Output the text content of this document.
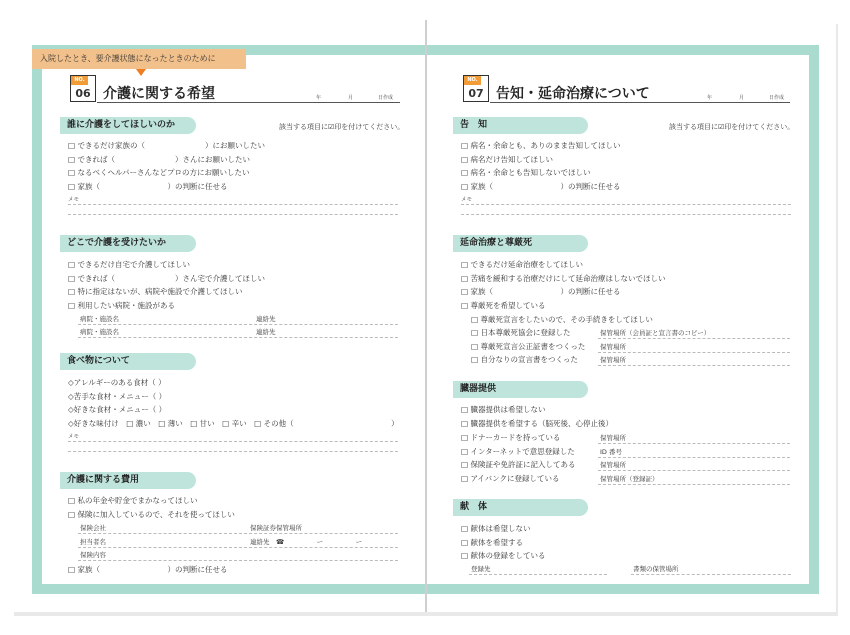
入院したとき、要介護状態になったときのために
NO.
06 介護に関する希望	年	月	日作成
誰に介護をしてほしいのか	該当する項目に☑印を付けてください。
□ できるだけ家族の（　　　　　　　　）にお願いしたい
□ できれば（　　　　　　　　）さんにお願いしたい
□ なるべくヘルパーさんなどプロの方にお願いしたい
□ 家族（　　　　　　　　　）の判断に任せる
メモ
どこで介護を受けたいか
□ できるだけ自宅で介護してほしい
□ できれば（　　　　　　　　）さん宅で介護してほしい
□ 特に指定はないが、病院や施設で介護してほしい
□ 利用したい病院・施設がある
病院・施設名	連絡先
病院・施設名	連絡先
食べ物について
◇アレルギーのある食材（ ）
◇苦手な食材・メニュー（ ）
◇好きな食材・メニュー（ ）
◇好きな味付け　□ 濃い　□ 薄い　□ 甘い　□ 辛い　□ その他（　　　　　　　　　　　　　）
メモ
介護に関する費用
□ 私の年金や貯金でまかなってほしい
□ 保険に加入しているので、それを使ってほしい
保険会社	保険証券保管場所
担当者名	連絡先　☎　　　　　ー　　　　　ー
保険内容
□ 家族（　　　　　　　　　）の判断に任せる
NO.
07 告知・延命治療について	年	月	日作成
告　知	該当する項目に☑印を付けてください。
□ 病名・余命とも、ありのまま告知してほしい
□ 病名だけ告知してほしい
□ 病名・余命とも告知しないでほしい
□ 家族（　　　　　　　　　）の判断に任せる
メモ
延命治療と尊厳死
□ できるだけ延命治療をしてほしい
□ 苦痛を緩和する治療だけにして延命治療はしないでほしい
□ 家族（　　　　　　　　　）の判断に任せる
□ 尊厳死を希望している
□ 尊厳死宣言をしたいので、その手続きをしてほしい
□ 日本尊厳死協会に登録した	保管場所（会員証と宣言書のコピー）
□ 尊厳死宣言公正証書をつくった 保管場所
□ 自分なりの宣言書をつくった	保管場所
臓器提供
□ 臓器提供は希望しない
□ 臓器提供を希望する（脳死後、心停止後）
□ ドナーカードを持っている	保管場所
□ インターネットで意思登録した	ID 番号
□ 保険証や免許証に記入してある	保管場所
□ アイバンクに登録している	保管場所（登録証）
献　体
□ 献体は希望しない
□ 献体を希望する
□ 献体の登録をしている
登録先	書類の保管場所
